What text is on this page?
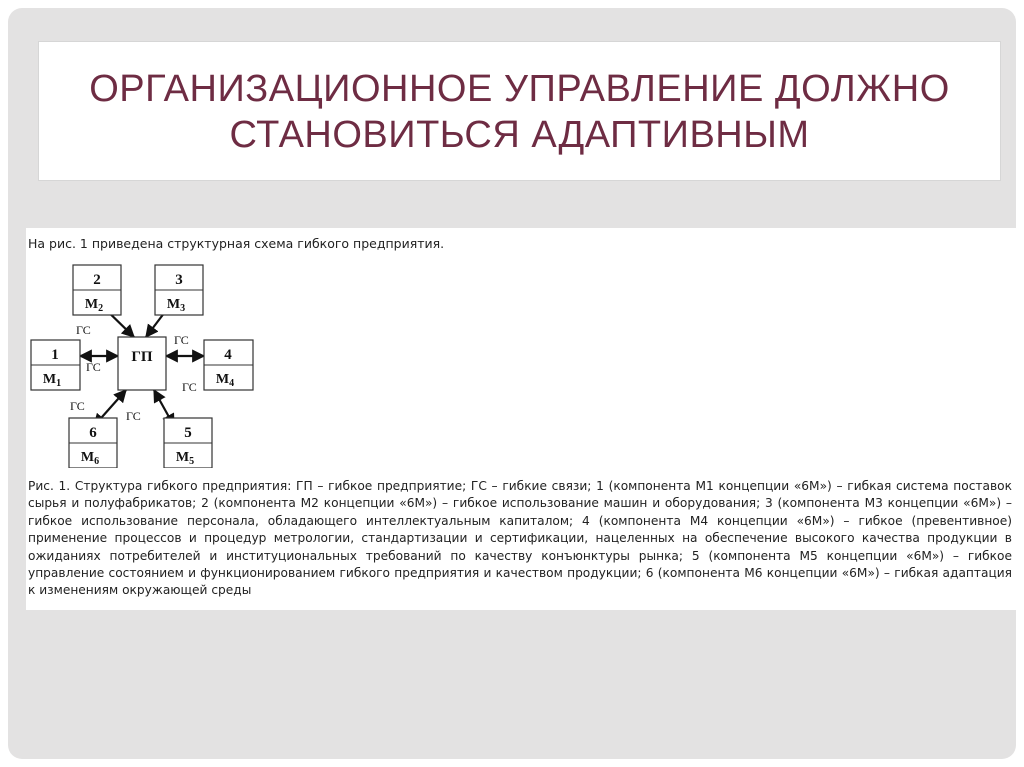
ОРГАНИЗАЦИОННОЕ УПРАВЛЕНИЕ ДОЛЖНО СТАНОВИТЬСЯ АДАПТИВНЫМ
На рис. 1 приведена структурная схема гибкого предприятия.
ГС
ГС
ГС
ГС
ГС
ГС
ГП
2
$M_2$
3
$M_3$
1
$M_1$
4
$M_4$
6
$M_6$
5
$M_5$

Рис. 1. Структура гибкого предприятия: ГП – гибкое предприятие; ГС – гибкие связи; 1 (компонента М1 концепции «6М») – гибкая система поставок сырья и полуфабрикатов; 2 (компонента М2 концепции «6М») – гибкое использование машин и оборудования; 3 (компонента М3 концепции «6М») – гибкое использование персонала, обладающего интеллектуальным капиталом; 4 (компонента М4 концепции «6М») – гибкое (превентивное) применение процессов и процедур метрологии, стандартизации и сертификации, нацеленных на обеспечение высокого качества продукции в ожиданиях потребителей и институциональных требований по качеству конъюнктуры рынка; 5 (компонента М5 концепции «6М») – гибкое управление состоянием и функционированием гибкого предприятия и качеством продукции; 6 (компонента М6 концепции «6М») – гибкая адаптация к изменениям окружающей среды
